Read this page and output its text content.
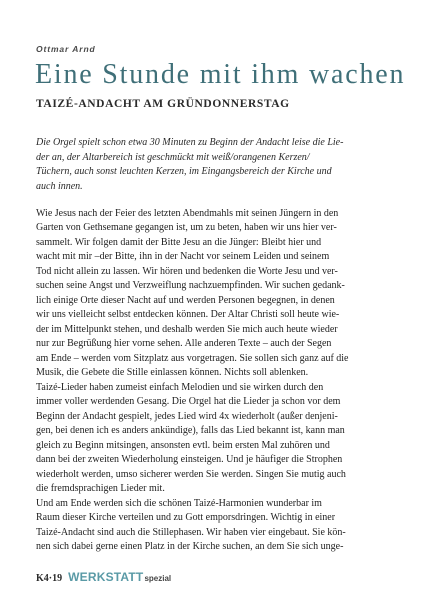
Ottmar Arnd
Eine Stunde mit ihm wachen
TAIZÉ-ANDACHT AM GRÜNDONNERSTAG
Die Orgel spielt schon etwa 30 Minuten zu Beginn der Andacht leise die Lie-
der an, der Altarbereich ist geschmückt mit weiß/orangenen Kerzen/
Tüchern, auch sonst leuchten Kerzen, im Eingangsbereich der Kirche und
auch innen.
Wie Jesus nach der Feier des letzten Abendmahls mit seinen Jüngern in den
Garten von Gethsemane gegangen ist, um zu beten, haben wir uns hier ver-
sammelt. Wir folgen damit der Bitte Jesu an die Jünger: Bleibt hier und
wacht mit mir –der Bitte, ihn in der Nacht vor seinem Leiden und seinem
Tod nicht allein zu lassen. Wir hören und bedenken die Worte Jesu und ver-
suchen seine Angst und Verzweiflung nachzuempfinden. Wir suchen gedank-
lich einige Orte dieser Nacht auf und werden Personen begegnen, in denen
wir uns vielleicht selbst entdecken können. Der Altar Christi soll heute wie-
der im Mittelpunkt stehen, und deshalb werden Sie mich auch heute wieder
nur zur Begrüßung hier vorne sehen. Alle anderen Texte – auch der Segen
am Ende – werden vom Sitzplatz aus vorgetragen. Sie sollen sich ganz auf die
Musik, die Gebete die Stille einlassen können. Nichts soll ablenken.
Taizé-Lieder haben zumeist einfach Melodien und sie wirken durch den
immer voller werdenden Gesang. Die Orgel hat die Lieder ja schon vor dem
Beginn der Andacht gespielt, jedes Lied wird 4x wiederholt (außer denjeni-
gen, bei denen ich es anders ankündige), falls das Lied bekannt ist, kann man
gleich zu Beginn mitsingen, ansonsten evtl. beim ersten Mal zuhören und
dann bei der zweiten Wiederholung einsteigen. Und je häufiger die Strophen
wiederholt werden, umso sicherer werden Sie werden. Singen Sie mutig auch
die fremdsprachigen Lieder mit.
Und am Ende werden sich die schönen Taizé-Harmonien wunderbar im
Raum dieser Kirche verteilen und zu Gott emporsdringen. Wichtig in einer
Taizé-Andacht sind auch die Stillephasen. Wir haben vier eingebaut. Sie kön-
nen sich dabei gerne einen Platz in der Kirche suchen, an dem Sie sich unge-
K4·19 WERKSTATT spezial
